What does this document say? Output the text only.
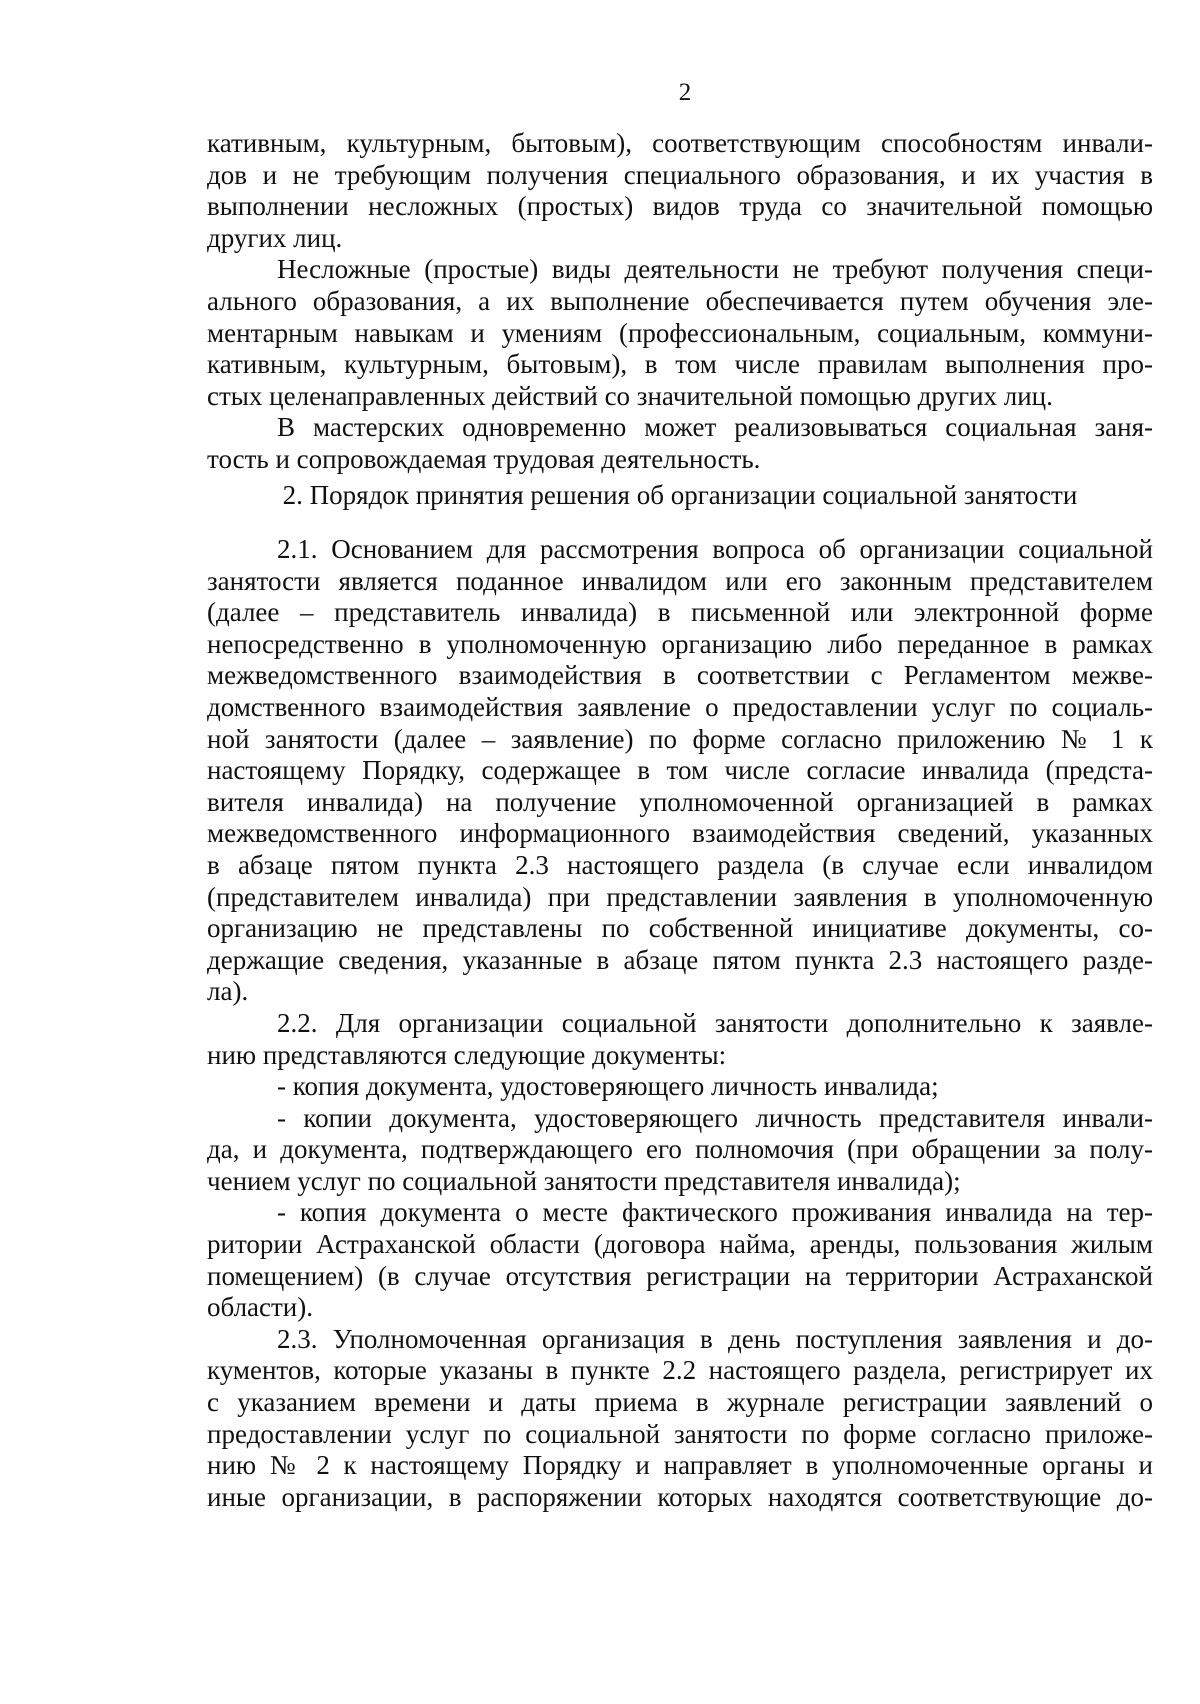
2
кативным, культурным, бытовым), соответствующим способностям инвали-
дов и не требующим получения специального образования, и их участия в
выполнении несложных (простых) видов труда со значительной помощью
других лиц.
Несложные (простые) виды деятельности не требуют получения специ-
ального образования, а их выполнение обеспечивается путем обучения эле-
ментарным навыкам и умениям (профессиональным, социальным, коммуни-
кативным, культурным, бытовым), в том числе правилам выполнения про-
стых целенаправленных действий со значительной помощью других лиц.
В мастерских одновременно может реализовываться социальная заня-
тость и сопровождаемая трудовая деятельность.
2. Порядок принятия решения об организации социальной занятости
2.1. Основанием для рассмотрения вопроса об организации социальной
занятости является поданное инвалидом или его законным представителем
(далее – представитель инвалида) в письменной или электронной форме
непосредственно в уполномоченную организацию либо переданное в рамках
межведомственного взаимодействия в соответствии с Регламентом межве-
домственного взаимодействия заявление о предоставлении услуг по социаль-
ной занятости (далее – заявление) по форме согласно приложению № 1 к
настоящему Порядку, содержащее в том числе согласие инвалида (предста-
вителя инвалида) на получение уполномоченной организацией в рамках
межведомственного информационного взаимодействия сведений, указанных
в абзаце пятом пункта 2.3 настоящего раздела (в случае если инвалидом
(представителем инвалида) при представлении заявления в уполномоченную
организацию не представлены по собственной инициативе документы, со-
держащие сведения, указанные в абзаце пятом пункта 2.3 настоящего разде-
ла).
2.2. Для организации социальной занятости дополнительно к заявле-
нию представляются следующие документы:
- копия документа, удостоверяющего личность инвалида;
- копии документа, удостоверяющего личность представителя инвали-
да, и документа, подтверждающего его полномочия (при обращении за полу-
чением услуг по социальной занятости представителя инвалида);
- копия документа о месте фактического проживания инвалида на тер-
ритории Астраханской области (договора найма, аренды, пользования жилым
помещением) (в случае отсутствия регистрации на территории Астраханской
области).
2.3. Уполномоченная организация в день поступления заявления и до-
кументов, которые указаны в пункте 2.2 настоящего раздела, регистрирует их
с указанием времени и даты приема в журнале регистрации заявлений о
предоставлении услуг по социальной занятости по форме согласно приложе-
нию № 2 к настоящему Порядку и направляет в уполномоченные органы и
иные организации, в распоряжении которых находятся соответствующие до-
